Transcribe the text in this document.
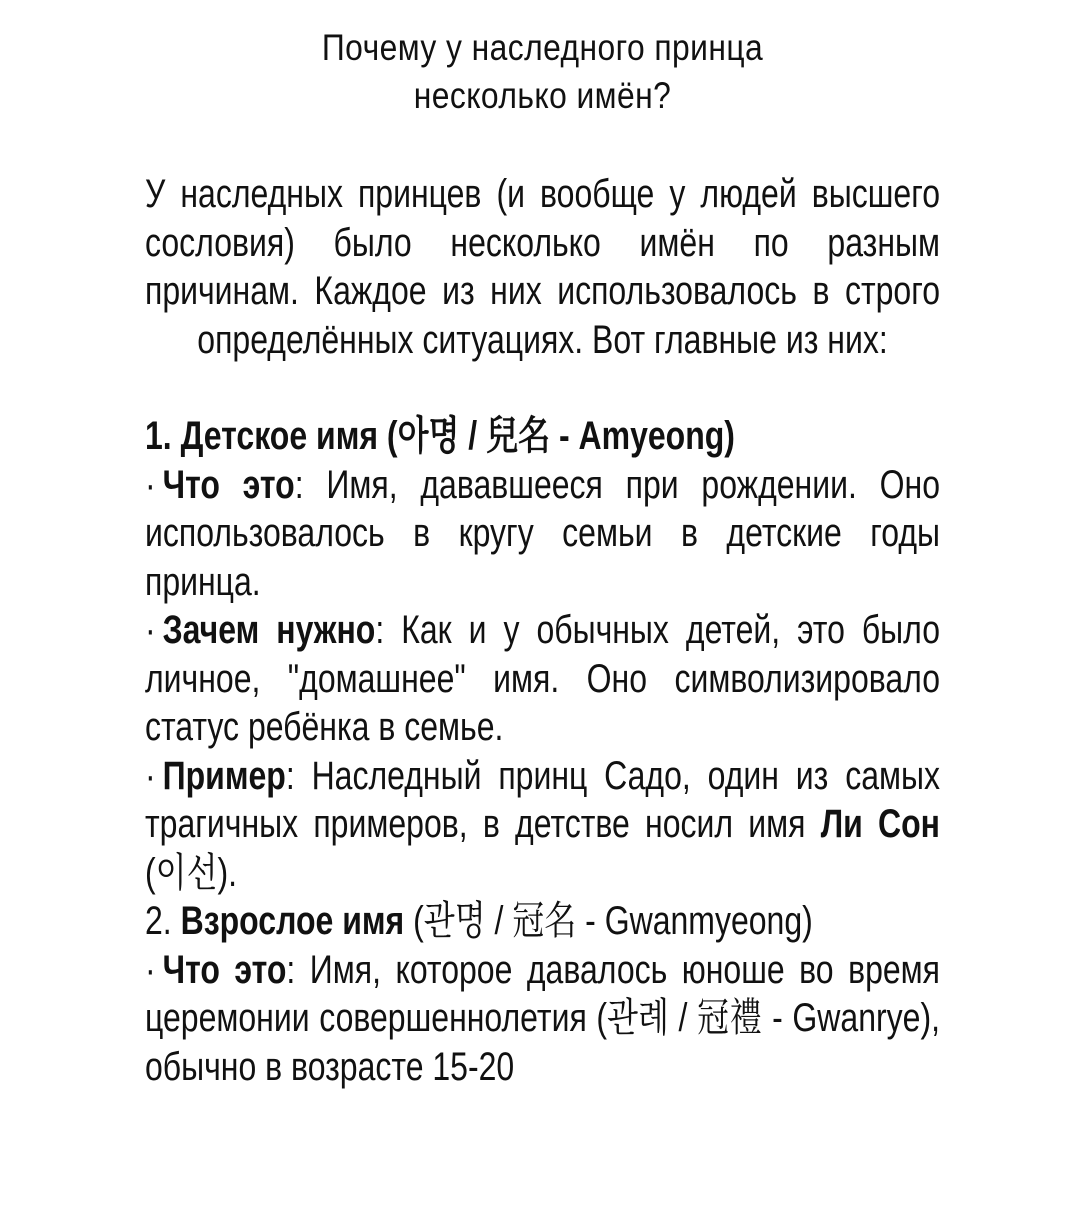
Почему у наследного принца
несколько имён?

У наследных принцев (и вообще у людей высшего сословия) было несколько имён по разным причинам. Каждое из них использовалось в строго определённых ситуациях. Вот главные из них:

1. Детское имя (아명 / 兒名 - Amyeong)

· Что это: Имя, дававшееся при рождении. Оно использовалось в кругу семьи в детские годы принца.

· Зачем нужно: Как и у обычных детей, это было личное, "домашнее" имя. Оно символизировало статус ребёнка в семье.

· Пример: Наследный принц Садо, один из самых трагичных примеров, в детстве носил имя Ли Сон (이선).

2. Взрослое имя (관명 / 冠名 - Gwanmyeong)

· Что это: Имя, которое давалось юноше во время церемонии совершеннолетия (관례 / 冠禮 - Gwanrye), обычно в возрасте 15-20
